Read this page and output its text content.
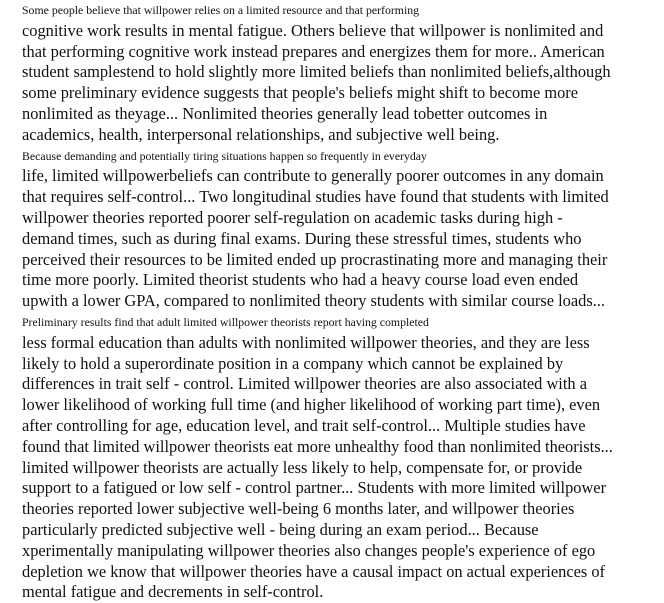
Some people believe that willpower relies on a limited resource and that performing
cognitive work results in mental fatigue. Others believe that willpower is nonlimited and
that performing cognitive work instead prepares and energizes them for more.. American
student samplestend to hold slightly more limited beliefs than nonlimited beliefs,although
some preliminary evidence suggests that people's beliefs might shift to become more
nonlimited as theyage... Nonlimited theories generally lead tobetter outcomes in
academics, health, interpersonal relationships, and subjective well being.

Because demanding and potentially tiring situations happen so frequently in everyday
life, limited willpowerbeliefs can contribute to generally poorer outcomes in any domain
that requires self-control... Two longitudinal studies have found that students with limited
willpower theories reported poorer self-regulation on academic tasks during high -
demand times, such as during final exams. During these stressful times, students who
perceived their resources to be limited ended up procrastinating more and managing their
time more poorly. Limited theorist students who had a heavy course load even ended
upwith a lower GPA, compared to nonlimited theory students with similar course loads...

Preliminary results find that adult limited willpower theorists report having completed
less formal education than adults with nonlimited willpower theories, and they are less
likely to hold a superordinate position in a company which cannot be explained by
differences in trait self - control. Limited willpower theories are also associated with a
lower likelihood of working full time (and higher likelihood of working part time), even
after controlling for age, education level, and trait self-control... Multiple studies have
found that limited willpower theorists eat more unhealthy food than nonlimited theorists...
limited willpower theorists are actually less likely to help, compensate for, or provide
support to a fatigued or low self - control partner... Students with more limited willpower
theories reported lower subjective well-being 6 months later, and willpower theories
particularly predicted subjective well - being during an exam period... Because
xperimentally manipulating willpower theories also changes people's experience of ego
depletion we know that willpower theories have a causal impact on actual experiences of
mental fatigue and decrements in self-control.
